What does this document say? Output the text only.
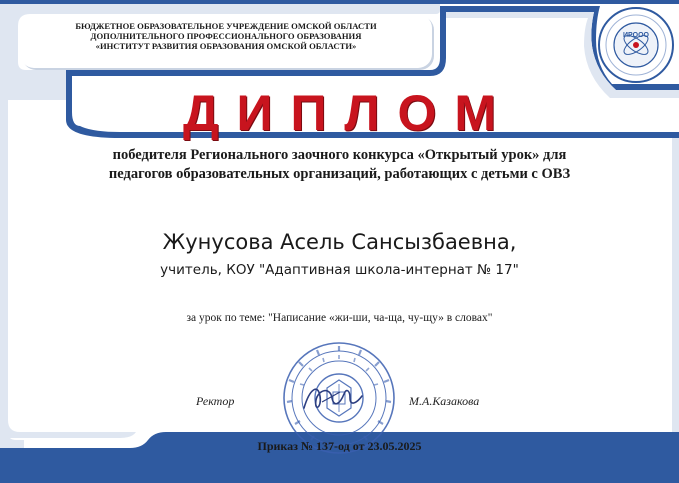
БЮДЖЕТНОЕ ОБРАЗОВАТЕЛЬНОЕ УЧРЕЖДЕНИЕ ОМСКОЙ ОБЛАСТИ
ДОПОЛНИТЕЛЬНОГО ПРОФЕССИОНАЛЬНОГО ОБРАЗОВАНИЯ
«ИНСТИТУТ РАЗВИТИЯ ОБРАЗОВАНИЯ ОМСКОЙ ОБЛАСТИ»
ИРООО
ДИПЛОМ
победителя Регионального заочного конкурса «Открытый урок» для
педагогов образовательных организаций, работающих с детьми с ОВЗ
Жунусова Асель Сансызбаевна,
учитель, КОУ "Адаптивная школа-интернат № 17"
за урок по теме: "Написание «жи-ши, ча-ща, чу-щу» в словах"
Ректор	М.А.Казакова
Приказ № 137-од от 23.05.2025
